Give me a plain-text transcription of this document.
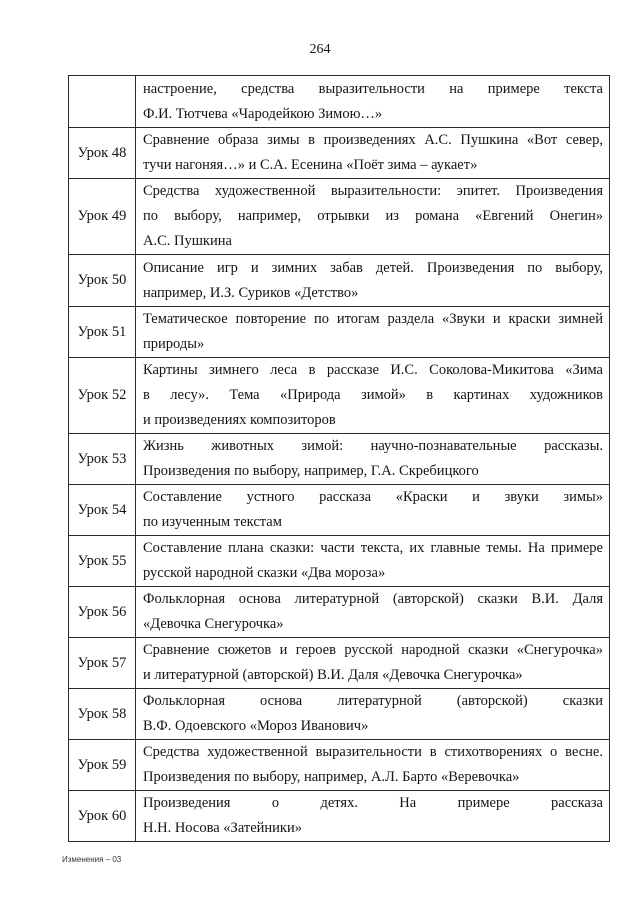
264

	настроение, средства выразительности на примере текста
Ф.И. Тютчева «Чародейкою Зимою…»

Урок 48	Сравнение образа зимы в произведениях А.С. Пушкина «Вот север,
тучи нагоняя…» и С.А. Есенина «Поёт зима – аукает»

Урок 49	Средства художественной выразительности: эпитет. Произведения
по выбору, например, отрывки из романа «Евгений Онегин»
А.С. Пушкина

Урок 50	Описание игр и зимних забав детей. Произведения по выбору,
например, И.З. Суриков «Детство»

Урок 51	Тематическое повторение по итогам раздела «Звуки и краски зимней
природы»

Урок 52	Картины зимнего леса в рассказе И.С. Соколова-Микитова «Зима
в лесу». Тема «Природа зимой» в картинах художников
и произведениях композиторов

Урок 53	Жизнь животных зимой: научно-познавательные рассказы.
Произведения по выбору, например, Г.А. Скребицкого

Урок 54	Составление устного рассказа «Краски и звуки зимы»
по изученным текстам

Урок 55	Составление плана сказки: части текста, их главные темы. На примере
русской народной сказки «Два мороза»

Урок 56	Фольклорная основа литературной (авторской) сказки В.И. Даля
«Девочка Снегурочка»

Урок 57	Сравнение сюжетов и героев русской народной сказки «Снегурочка»
и литературной (авторской) В.И. Даля «Девочка Снегурочка»

Урок 58	Фольклорная основа литературной (авторской) сказки
В.Ф. Одоевского «Мороз Иванович»

Урок 59	Средства художественной выразительности в стихотворениях о весне.
Произведения по выбору, например, А.Л. Барто «Веревочка»

Урок 60	Произведения о детях. На примере рассказа
Н.Н. Носова «Затейники»
Изменения – 03
